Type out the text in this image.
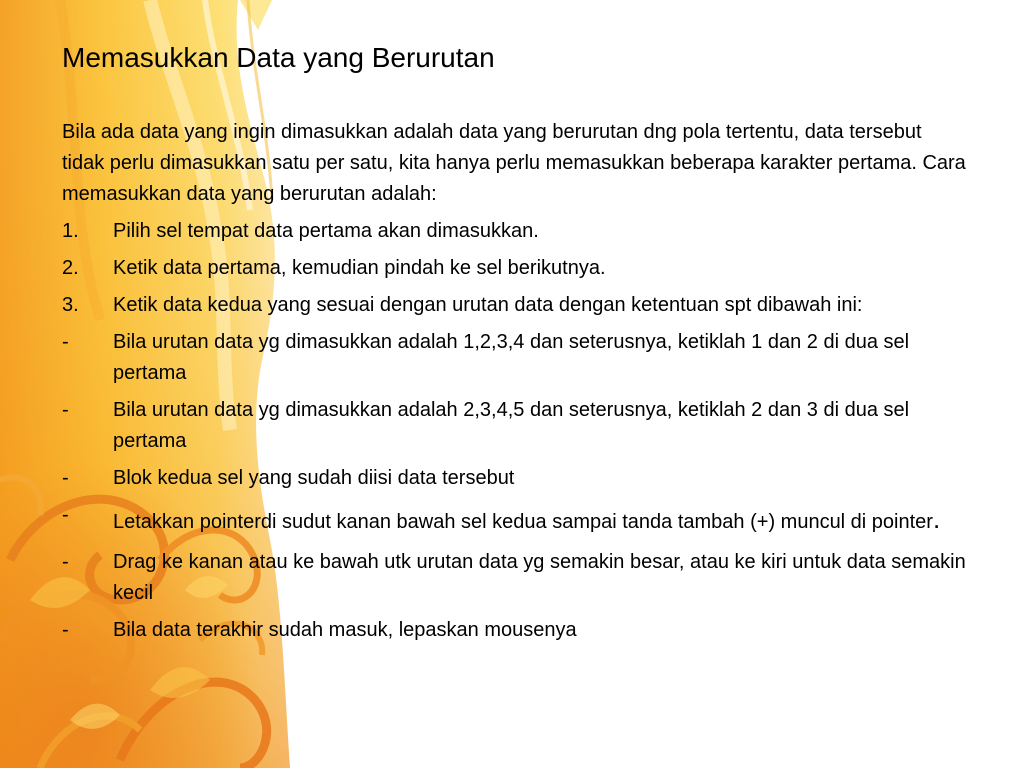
Memasukkan Data yang Berurutan
Bila ada data yang ingin dimasukkan adalah data yang berurutan dng pola tertentu, data tersebut tidak perlu dimasukkan satu per satu, kita hanya perlu memasukkan beberapa karakter pertama. Cara memasukkan data yang berurutan adalah:
1.	Pilih sel tempat data pertama akan dimasukkan.
2.	Ketik data pertama, kemudian pindah ke sel berikutnya.
3.	Ketik data kedua yang sesuai dengan urutan data dengan ketentuan spt dibawah ini:
-	Bila urutan data yg dimasukkan adalah 1,2,3,4 dan seterusnya, ketiklah 1 dan 2 di dua sel pertama
-	Bila urutan data yg dimasukkan adalah 2,3,4,5 dan seterusnya, ketiklah 2 dan 3 di dua sel pertama
-	Blok kedua sel yang sudah diisi data tersebut
-	Letakkan pointerdi sudut kanan bawah sel kedua sampai tanda tambah (+) muncul di pointer.
-	Drag ke kanan atau ke bawah utk urutan data yg semakin besar, atau ke kiri untuk data semakin kecil
-	Bila data terakhir sudah masuk, lepaskan mousenya
